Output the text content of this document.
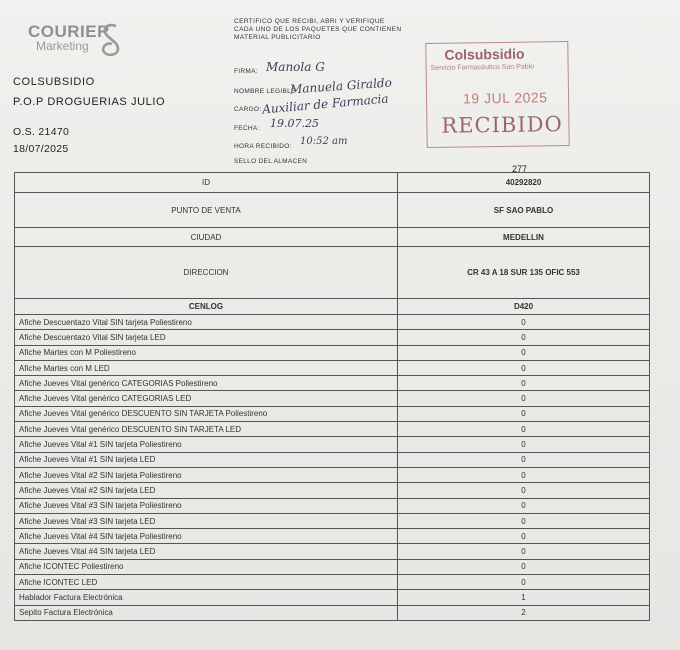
COURIER
Marketing
COLSUBSIDIO
P.O.P DROGUERIAS JULIO
O.S. 21470
18/07/2025
CERTIFICO QUE RECIBI, ABRI Y VERIFIQUE CADA UNO DE LOS PAQUETES QUE CONTIENEN MATERIAL PUBLICITARIO
FIRMA: Manola G
NOMBRE LEGIBLE
Manuela Giraldo
CARGO: Auxiliar de Farmacia
FECHA: 19.07.25
HORA RECIBIDO: 10:52 am
SELLO DEL ALMACEN
Colsubsidio
Servicio Farmacéutico San Pablo
19 JUL 2025
RECIBIDO
277
ID	40292820
PUNTO DE VENTA	SF SAO PABLO
CIUDAD	MEDELLIN
DIRECCION	CR 43 A 18 SUR 135 OFIC 553
CENLOG	D420
Afiche Descuentazo Vital SIN tarjeta Poliestireno	0
Afiche Descuentazo Vital SIN tarjeta LED	0
Afiche Martes con M Poliestireno	0
Afiche Martes con M LED	0
Afiche Jueves Vital genérico CATEGORIAS Poliestireno	0
Afiche Jueves Vital genérico CATEGORIAS LED	0
Afiche Jueves Vital genérico DESCUENTO SIN TARJETA Poliestireno	0
Afiche Jueves Vital genérico DESCUENTO SIN TARJETA LED	0
Afiche Jueves Vital #1 SIN tarjeta Poliestireno	0
Afiche Jueves Vital #1 SIN tarjeta LED	0
Afiche Jueves Vital #2 SIN tarjeta Poliestireno	0
Afiche Jueves Vital #2 SIN tarjeta LED	0
Afiche Jueves Vital #3 SIN tarjeta Poliestireno	0
Afiche Jueves Vital #3 SIN tarjeta LED	0
Afiche Jueves Vital #4 SIN tarjeta Poliestireno	0
Afiche Jueves Vital #4 SIN tarjeta LED	0
Afiche ICONTEC Poliestireno	0
Afiche ICONTEC LED	0
Hablador Factura Electrónica	1
Sepito Factura Electrónica	2
